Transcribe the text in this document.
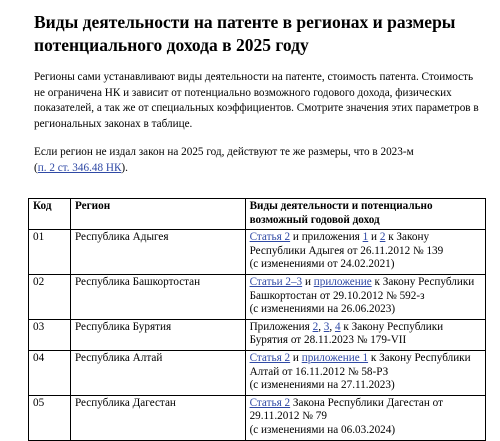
Виды деятельности на патенте в регионах и размеры потенциального дохода в 2025 году
Регионы сами устанавливают виды деятельности на патенте, стоимость патента. Стоимость не ограничена НК и зависит от потенциально возможного годового дохода, физических показателей, а так же от специальных коэффициентов. Смотрите значения этих параметров в региональных законах в таблице.
Если регион не издал закон на 2025 год, действуют те же размеры, что в 2023-м
(п. 2 ст. 346.48 НК).
Код	Регион	Виды деятельности и потенциально возможный годовой доход
01	Республика Адыгея	Статья 2 и приложения 1 и 2 к Закону Республики Адыгея от 26.11.2012 № 139
(с изменениями от 24.02.2021)
02	Республика Башкортостан	Статьи 2–3 и приложение к Закону Республики Башкортостан от 29.10.2012 № 592-з
(с изменениями на 26.06.2023)
03	Республика Бурятия	Приложения 2, 3, 4 к Закону Республики Бурятия от 28.11.2023 № 179-VII
04	Республика Алтай	Статья 2 и приложение 1 к Закону Республики Алтай от 16.11.2012 № 58-РЗ
(с изменениями на 27.11.2023)
05	Республика Дагестан	Статья 2 Закона Республики Дагестан от 29.11.2012 № 79
(с изменениями на 06.03.2024)
